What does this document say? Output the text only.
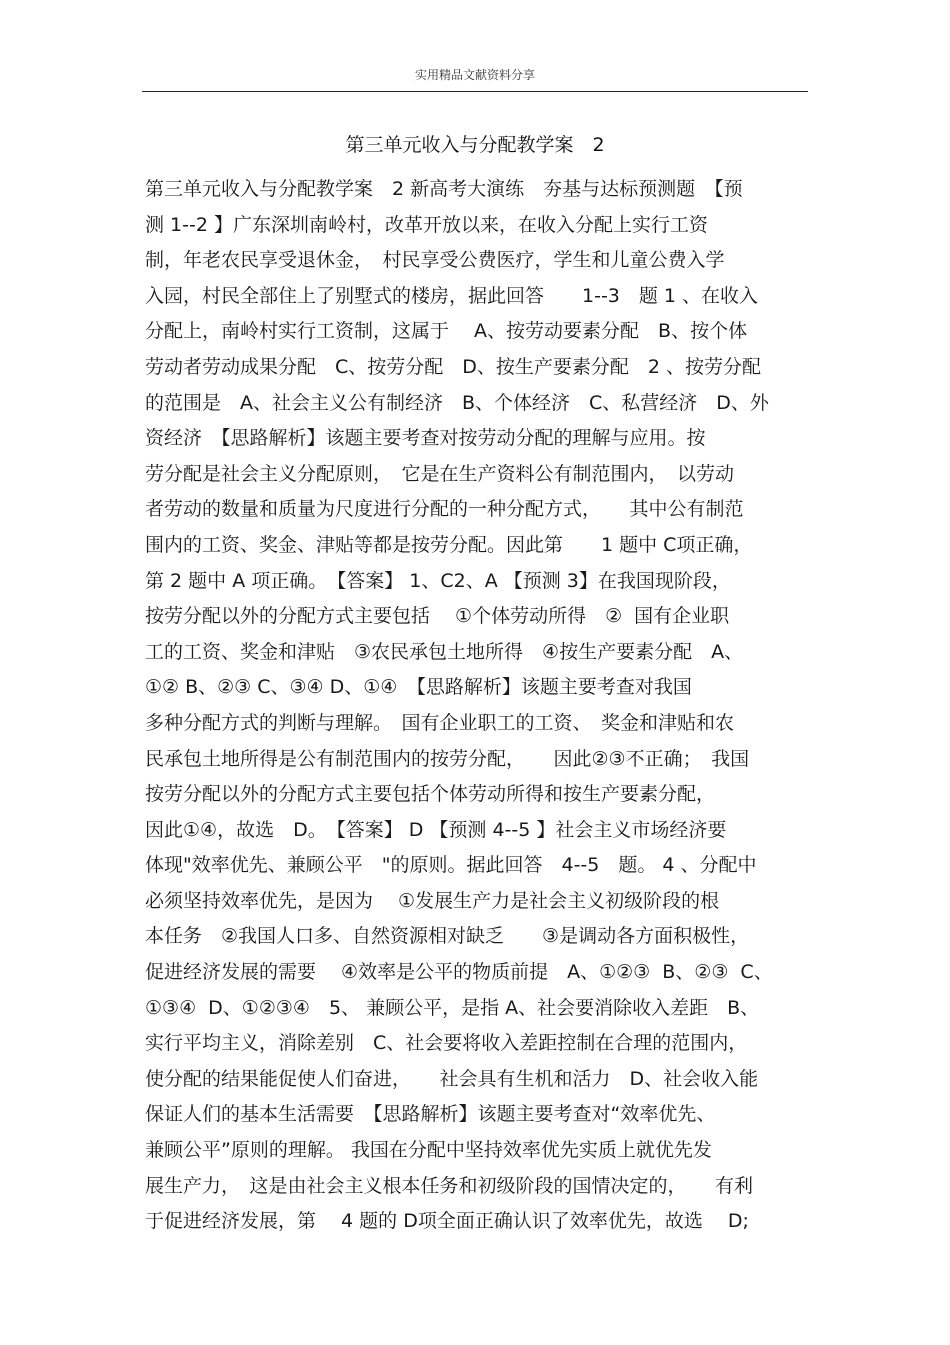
实用精品文献资料分享
第三单元收入与分配教学案　2
第三单元收入与分配教学案　2 新高考大演练　夯基与达标预测题　【预
测 1--2 】广东深圳南岭村，改革开放以来，在收入分配上实行工资
制，年老农民享受退休金，　村民享受公费医疗，学生和儿童公费入学
入园，村民全部住上了别墅式的楼房，据此回答　　1--3　题 1 、在收入
分配上，南岭村实行工资制，这属于　 A、按劳动要素分配　B、按个体
劳动者劳动成果分配　C、按劳分配　D、按生产要素分配　2 、按劳分配
的范围是　A、社会主义公有制经济　B、个体经济　C、私营经济　D、外
资经济　【思路解析】该题主要考查对按劳动分配的理解与应用。按
劳分配是社会主义分配原则，　它是在生产资料公有制范围内，　以劳动
者劳动的数量和质量为尺度进行分配的一种分配方式，　　其中公有制范
围内的工资、奖金、津贴等都是按劳分配。因此第　　1 题中 C项正确，
第 2 题中 A 项正确。　【答案】 1、C2、A 【预测 3】在我国现阶段，
按劳分配以外的分配方式主要包括　 ①个体劳动所得　②  国有企业职
工的工资、奖金和津贴　③农民承包土地所得　④按生产要素分配　A、
①② B、②③ C、③④ D、①④　【思路解析】该题主要考查对我国
多种分配方式的判断与理解。　国有企业职工的工资、　奖金和津贴和农
民承包土地所得是公有制范围内的按劳分配，　　因此②③不正确；　我国
按劳分配以外的分配方式主要包括个体劳动所得和按生产要素分配，
因此①④，故选　D。　【答案】 D 【预测 4--5 】社会主义市场经济要
体现"效率优先、兼顾公平　"的原则。据此回答　4--5　题。 4 、分配中
必须坚持效率优先，是因为　 ①发展生产力是社会主义初级阶段的根
本任务　②我国人口多、自然资源相对缺乏　　③是调动各方面积极性，
促进经济发展的需要　 ④效率是公平的物质前提　A、①②③  B、②③  C、
①③④  D、①②③④　5、 兼顾公平，是指 A、社会要消除收入差距　B、
实行平均主义，消除差别　C、社会要将收入差距控制在合理的范围内，
使分配的结果能促使人们奋进，　　社会具有生机和活力　D、社会收入能
保证人们的基本生活需要　【思路解析】该题主要考查对“效率优先、
兼顾公平”原则的理解。 我国在分配中坚持效率优先实质上就优先发
展生产力，　这是由社会主义根本任务和初级阶段的国情决定的，　　有利
于促进经济发展，第　 4 题的 D项全面正确认识了效率优先，故选　 D;
